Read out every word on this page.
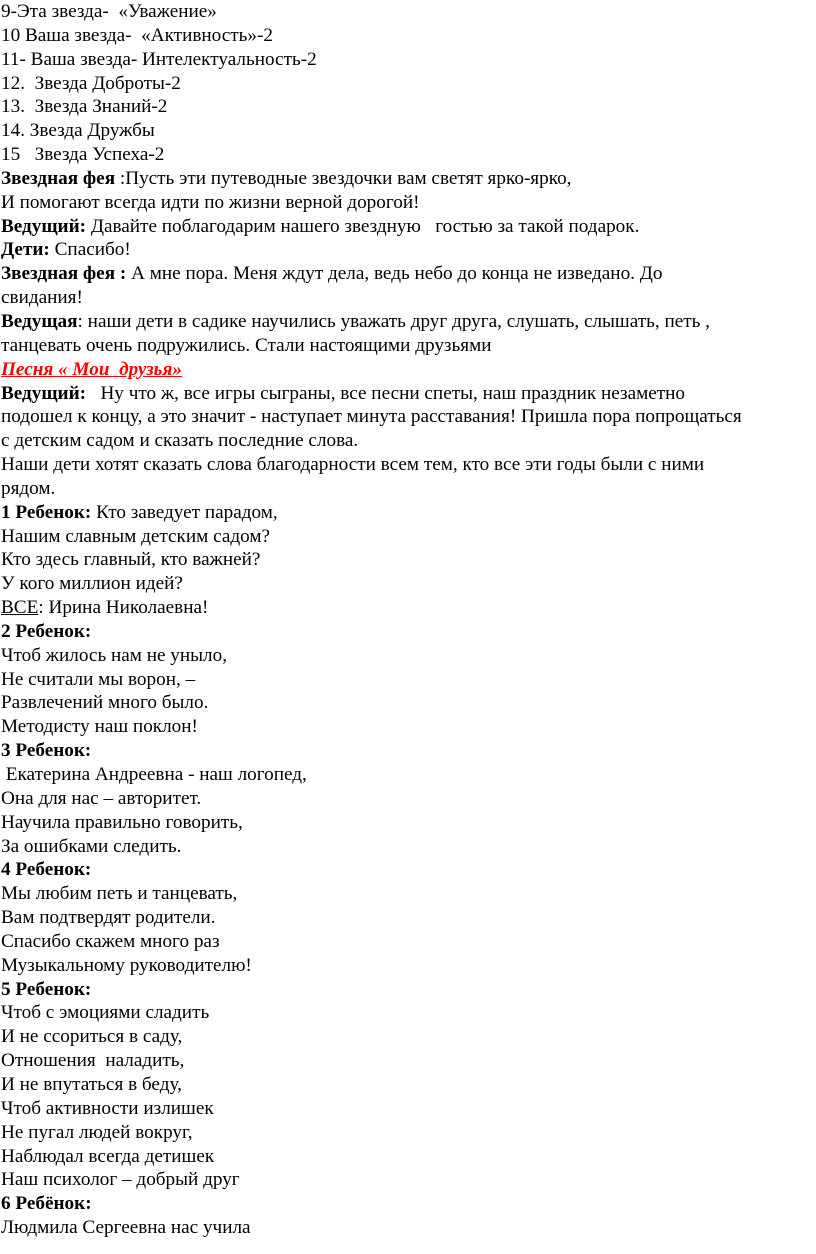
9-Эта звезда-  «Уважение»
10 Ваша звезда-  «Активность»-2
11- Ваша звезда- Интелектуальность-2
12.  Звезда Доброты-2
13.  Звезда Знаний-2
14. Звезда Дружбы
15   Звезда Успеха-2
Звездная фея :Пусть эти путеводные звездочки вам светят ярко-ярко,
И помогают всегда идти по жизни верной дорогой!
Ведущий: Давайте поблагодарим нашего звездную   гостью за такой подарок.
Дети: Спасибо!
Звездная фея : А мне пора. Меня ждут дела, ведь небо до конца не изведано. До
свидания!
Ведущая: наши дети в садике научились уважать друг друга, слушать, слышать, петь ,
танцевать очень подружились. Стали настоящими друзьями
Песня « Мои  друзья»
Ведущий:   Ну что ж, все игры сыграны, все песни спеты, наш праздник незаметно
подошел к концу, а это значит - наступает минута расставания! Пришла пора попрощаться
с детским садом и сказать последние слова.
Наши дети хотят сказать слова благодарности всем тем, кто все эти годы были с ними
рядом.
1 Ребенок: Кто заведует парадом,
Нашим славным детским садом?
Кто здесь главный, кто важней?
У кого миллион идей?
ВСЕ: Ирина Николаевна!
2 Ребенок:
Чтоб жилось нам не уныло,
Не считали мы ворон, –
Развлечений много было.
Методисту наш поклон!
3 Ребенок:
Екатерина Андреевна - наш логопед,
Она для нас – авторитет.
Научила правильно говорить,
За ошибками следить.
4 Ребенок:
Мы любим петь и танцевать,
Вам подтвердят родители.
Спасибо скажем много раз
Музыкальному руководителю!
5 Ребенок:
Чтоб с эмоциями сладить
И не ссориться в саду,
Отношения  наладить,
И не впутаться в беду,
Чтоб активности излишек
Не пугал людей вокруг,
Наблюдал всегда детишек
Наш психолог – добрый друг
6 Ребёнок:
Людмила Сергеевна нас учила
